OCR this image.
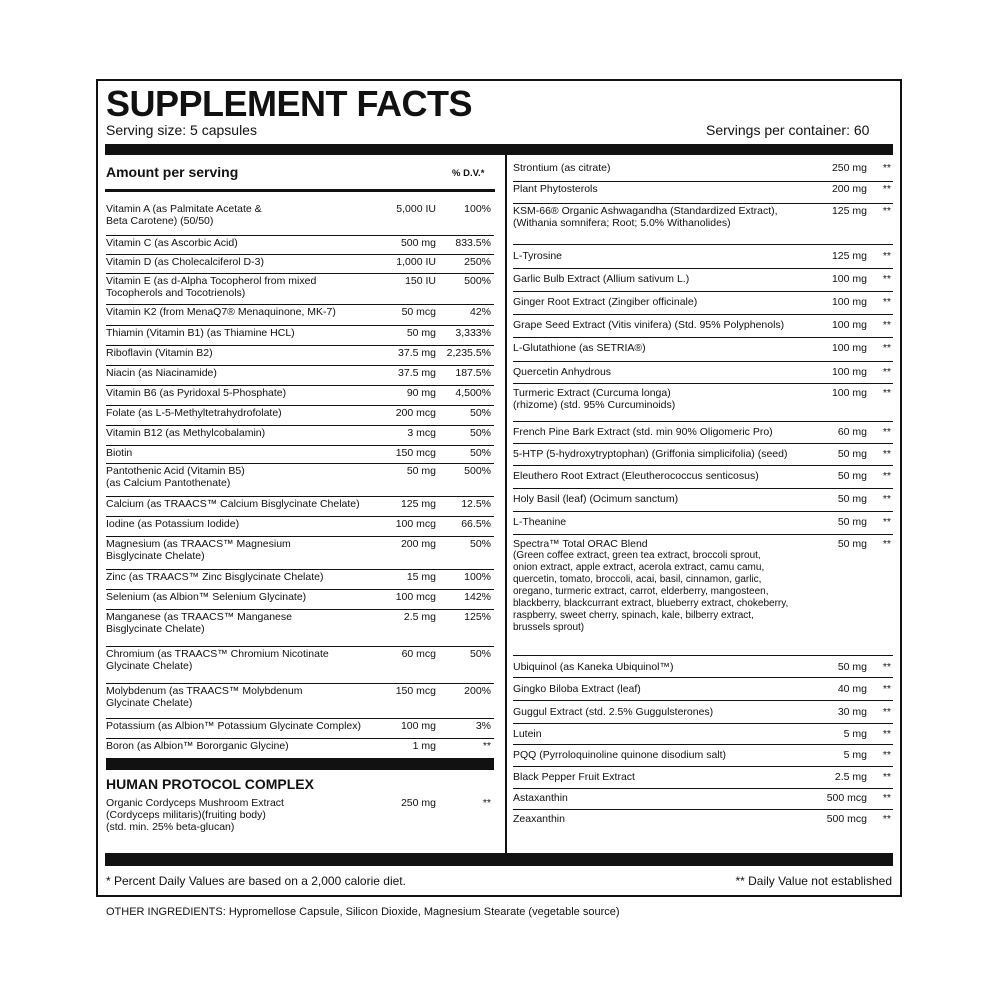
SUPPLEMENT FACTS
Serving size: 5 capsules	Servings per container: 60
Amount per serving	% D.V.*
Vitamin A (as Palmitate Acetate &
Beta Carotene) (50/50)
5,000 IU	100%
Vitamin C (as Ascorbic Acid)	500 mg 833.5%
Vitamin D (as Cholecalciferol D-3)	1,000 IU	250%
Vitamin E (as d-Alpha Tocopherol from mixed
Tocopherols and Tocotrienols)
150 IU	500%
Vitamin K2 (from MenaQ7® Menaquinone, MK-7)	50 mcg	42%
Thiamin (Vitamin B1) (as Thiamine HCL)	50 mg 3,333%
Riboflavin (Vitamin B2)	37.5 mg 2,235.5%
Niacin (as Niacinamide)	37.5 mg 187.5%
Vitamin B6 (as Pyridoxal 5-Phosphate)	90 mg 4,500%
Folate (as L-5-Methyltetrahydrofolate)	200 mcg	50%
Vitamin B12 (as Methylcobalamin)	3 mcg	50%
Biotin	150 mcg	50%
Pantothenic Acid (Vitamin B5)
(as Calcium Pantothenate)
50 mg	500%
Calcium (as TRAACS™ Calcium Bisglycinate Chelate)	125 mg 12.5%
Iodine (as Potassium Iodide)	100 mcg 66.5%
Magnesium (as TRAACS™ Magnesium
Bisglycinate Chelate)
200 mg	50%
Zinc (as TRAACS™ Zinc Bisglycinate Chelate)	15 mg	100%
Selenium (as Albion™ Selenium Glycinate)	100 mcg	142%
Manganese (as TRAACS™ Manganese
Bisglycinate Chelate)
2.5 mg	125%
Chromium (as TRAACS™ Chromium Nicotinate
Glycinate Chelate)
60 mcg	50%
Molybdenum (as TRAACS™ Molybdenum
Glycinate Chelate)
150 mcg	200%
Potassium (as Albion™ Potassium Glycinate Complex)	100 mg	3%
Boron (as Albion™ Bororganic Glycine)	1 mg	**
HUMAN PROTOCOL COMPLEX
Organic Cordyceps Mushroom Extract
(Cordyceps militaris)(fruiting body)
(std. min. 25% beta-glucan)
250 mg	**
Strontium (as citrate)	250 mg **
Plant Phytosterols	200 mg **
KSM-66® Organic Ashwagandha (Standardized Extract),
(Withania somnifera; Root; 5.0% Withanolides)
125 mg **
L-Tyrosine	125 mg **
Garlic Bulb Extract (Allium sativum L.)	100 mg **
Ginger Root Extract (Zingiber officinale)	100 mg **
Grape Seed Extract (Vitis vinifera) (Std. 95% Polyphenols)	100 mg **
L-Glutathione (as SETRIA®)	100 mg **
Quercetin Anhydrous	100 mg **
Turmeric Extract (Curcuma longa)
(rhizome) (std. 95% Curcuminoids)
100 mg **
French Pine Bark Extract (std. min 90% Oligomeric Pro)	60 mg **
5-HTP (5-hydroxytryptophan) (Griffonia simplicifolia) (seed)	50 mg **
Eleuthero Root Extract (Eleutherococcus senticosus)	50 mg **
Holy Basil (leaf) (Ocimum sanctum)	50 mg **
L-Theanine	50 mg **
Spectra™ Total ORAC Blend
(Green coffee extract, green tea extract, broccoli sprout,
onion extract, apple extract, acerola extract, camu camu,
quercetin, tomato, broccoli, acai, basil, cinnamon, garlic,
oregano, turmeric extract, carrot, elderberry, mangosteen,
blackberry, blackcurrant extract, blueberry extract, chokeberry,
raspberry, sweet cherry, spinach, kale, bilberry extract,
brussels sprout)
50 mg **
Ubiquinol (as Kaneka Ubiquinol™)	50 mg **
Gingko Biloba Extract (leaf)	40 mg **
Guggul Extract (std. 2.5% Guggulsterones)	30 mg **
Lutein	5 mg **
PQQ (Pyrroloquinoline quinone disodium salt)	5 mg **
Black Pepper Fruit Extract	2.5 mg **
Astaxanthin	500 mcg **
Zeaxanthin	500 mcg **
* Percent Daily Values are based on a 2,000 calorie diet.	** Daily Value not established
OTHER INGREDIENTS: Hypromellose Capsule, Silicon Dioxide, Magnesium Stearate (vegetable source)
